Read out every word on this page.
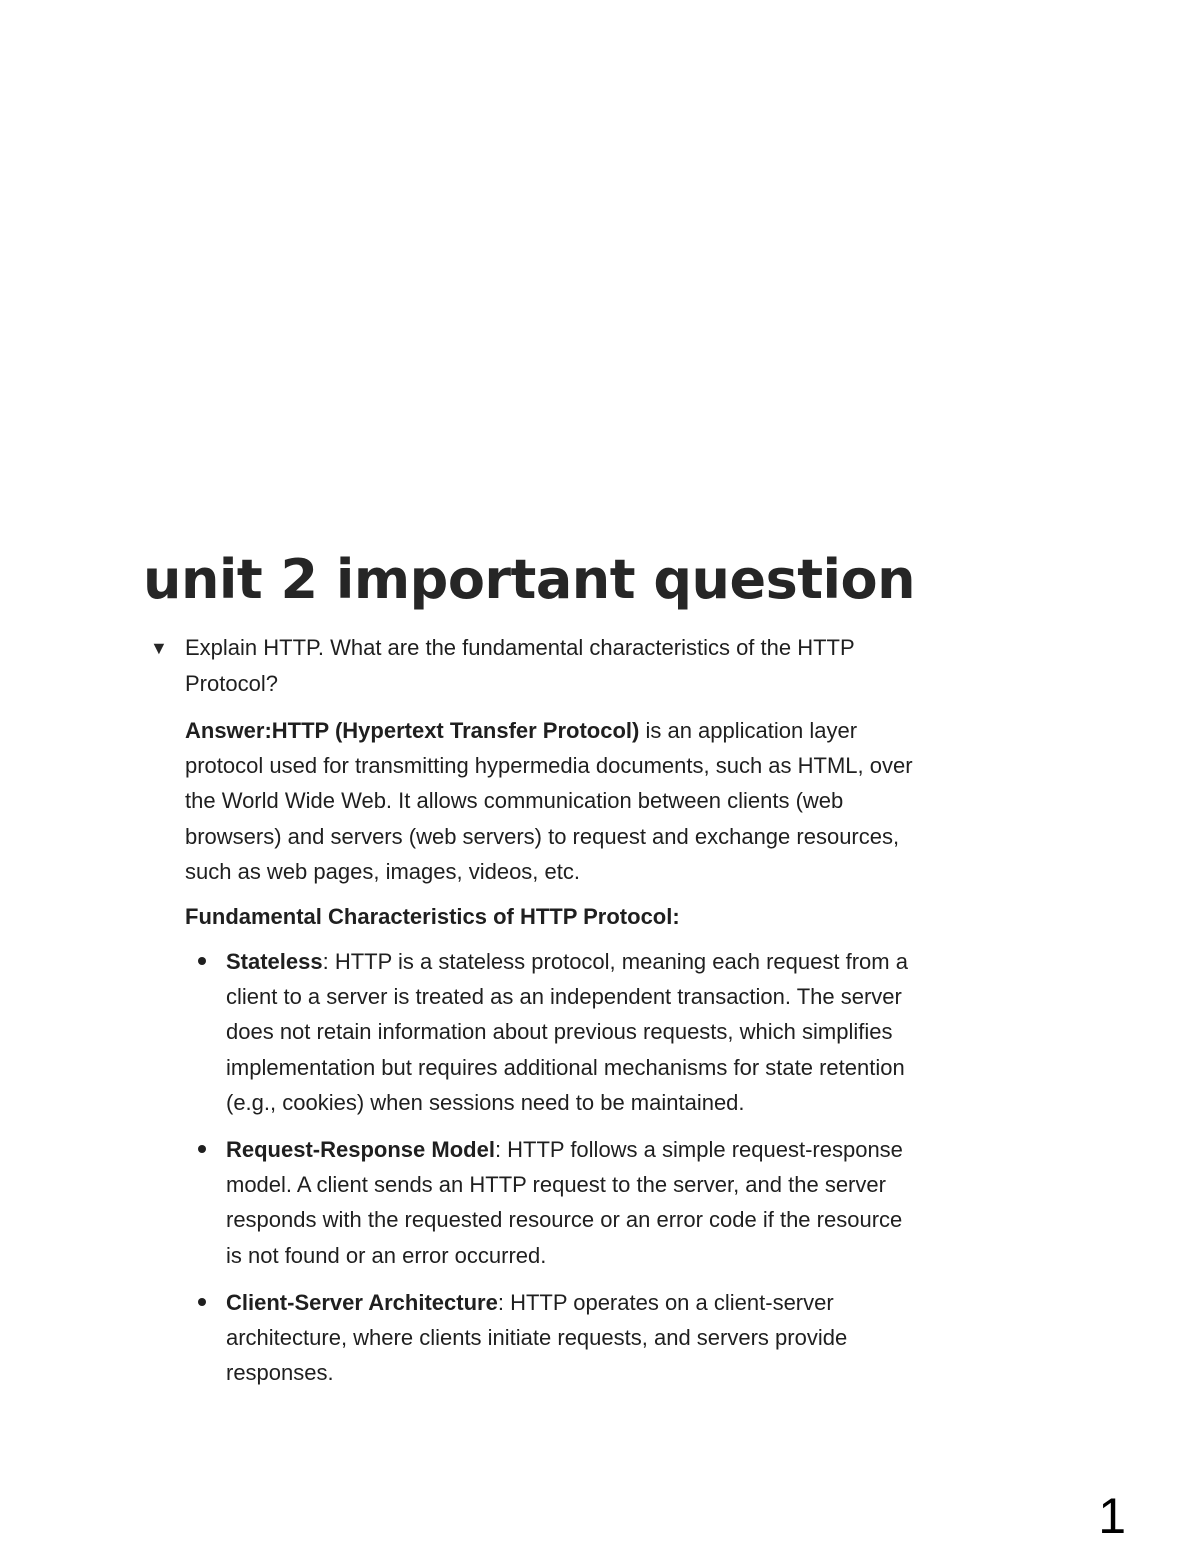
unit 2 important question
▼ Explain HTTP. What are the fundamental characteristics of the HTTP Protocol?

Answer:HTTP (Hypertext Transfer Protocol) is an application layer protocol used for transmitting hypermedia documents, such as HTML, over the World Wide Web. It allows communication between clients (web browsers) and servers (web servers) to request and exchange resources, such as web pages, images, videos, etc.

Fundamental Characteristics of HTTP Protocol:

Stateless: HTTP is a stateless protocol, meaning each request from a client to a server is treated as an independent transaction. The server does not retain information about previous requests, which simplifies implementation but requires additional mechanisms for state retention (e.g., cookies) when sessions need to be maintained.
Request-Response Model: HTTP follows a simple request-response model. A client sends an HTTP request to the server, and the server responds with the requested resource or an error code if the resource is not found or an error occurred.
Client-Server Architecture: HTTP operates on a client-server architecture, where clients initiate requests, and servers provide responses.
1
